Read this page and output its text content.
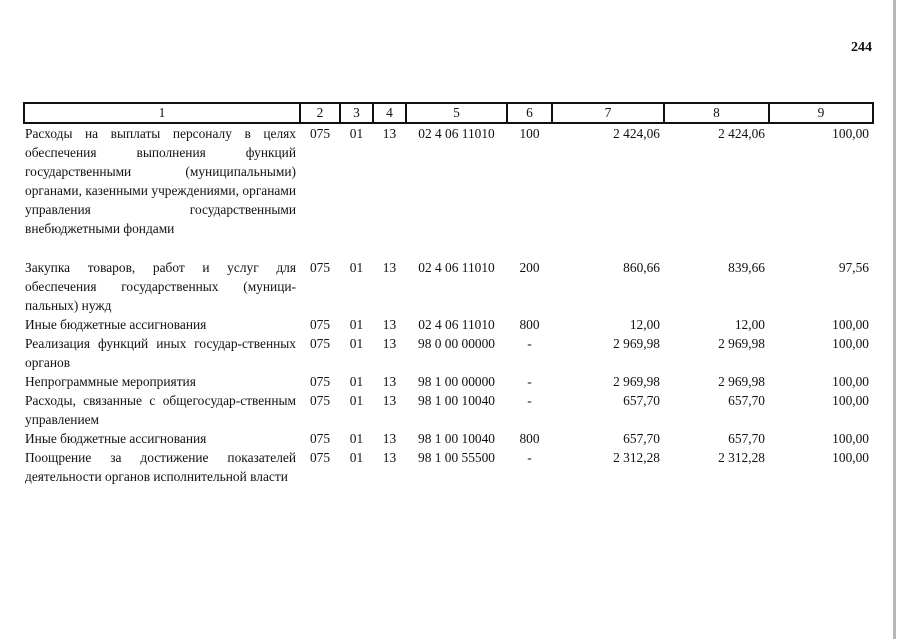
244
1	2	3	4	5	6	7	8	9
Расходы на выплаты персоналу в целях обеспечения выполнения функций государственными (муниципальными) органами, казенными учреждениями, органами управления государственными внебюджетными фондами	075	01	13	02 4 06 11010	100	2 424,06	2 424,06	100,00
Закупка товаров, работ и услуг для обеспечения государственных (муници-пальных) нужд	075	01	13	02 4 06 11010	200	860,66	839,66	97,56
Иные бюджетные ассигнования	075	01	13	02 4 06 11010	800	12,00	12,00	100,00
Реализация функций иных государ-ственных органов	075	01	13	98 0 00 00000	-	2 969,98	2 969,98	100,00
Непрограммные мероприятия	075	01	13	98 1 00 00000	-	2 969,98	2 969,98	100,00
Расходы, связанные с общегосудар-ственным управлением	075	01	13	98 1 00 10040	-	657,70	657,70	100,00
Иные бюджетные ассигнования	075	01	13	98 1 00 10040	800	657,70	657,70	100,00
Поощрение за достижение показателей деятельности органов исполнительной власти	075	01	13	98 1 00 55500	-	2 312,28	2 312,28	100,00
